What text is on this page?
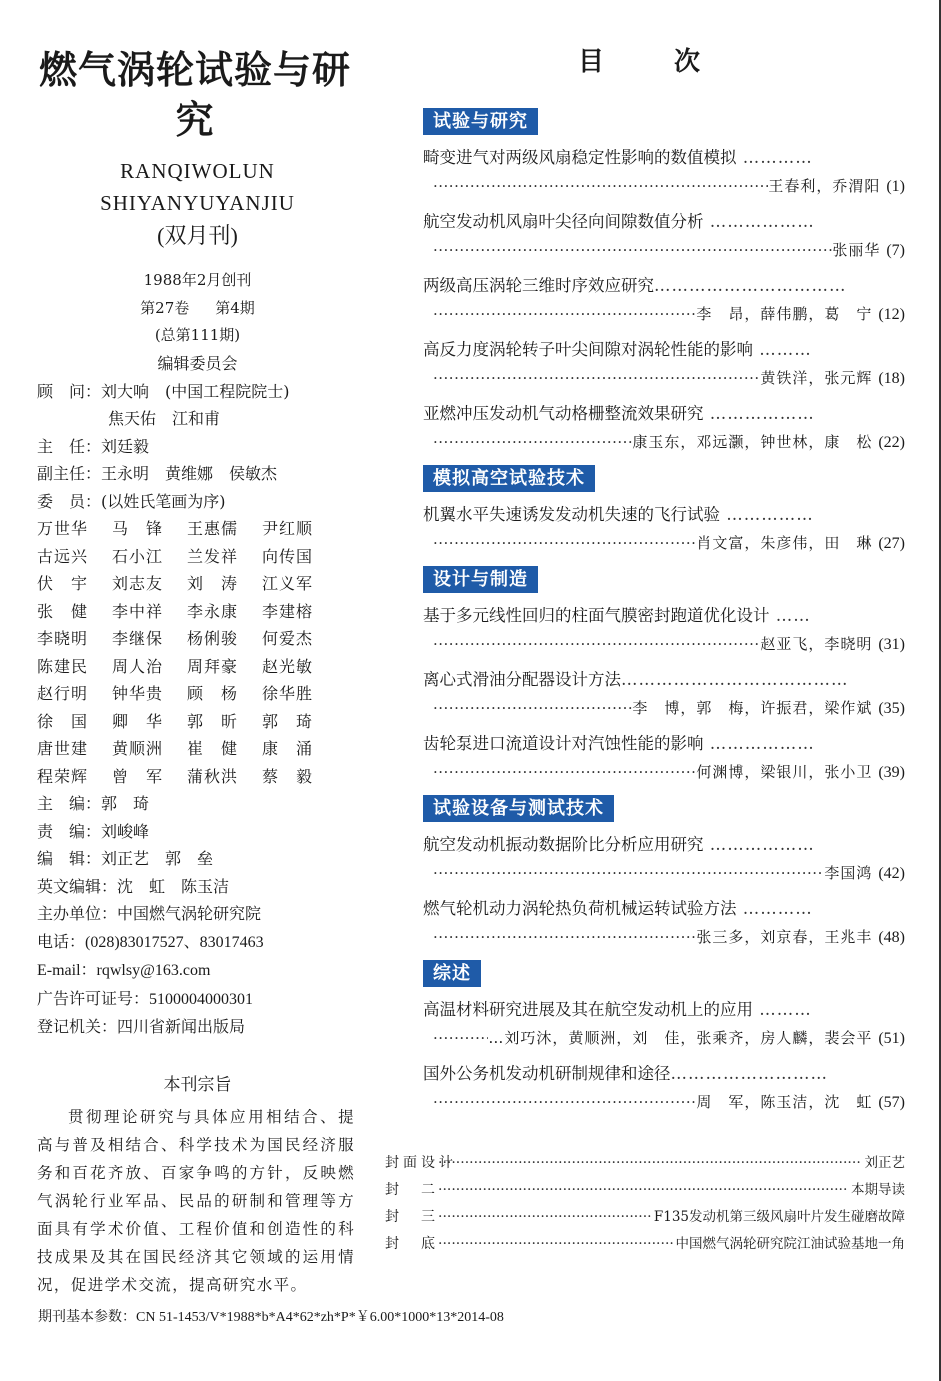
燃气涡轮试验与研究
RANQIWOLUN
SHIYANYUYANJIU
(双月刊)
1988年2月创刊
第27卷 第4期
(总第111期)
编辑委员会
顾　问：刘大响　(中国工程院院士)
焦天佑　江和甫
主　任：刘廷毅
副主任：王永明　黄维娜　侯敏杰
委　员：(以姓氏笔画为序)
万世华	马　锋	王惠儒	尹红顺
古远兴	石小江	兰发祥	向传国
伏　宇	刘志友	刘　涛	江义军
张　健	李中祥	李永康	李建榕
李晓明	李继保	杨俐骏	何爱杰
陈建民	周人治	周拜豪	赵光敏
赵行明	钟华贵	顾　杨	徐华胜
徐　国	卿　华	郭　昕	郭　琦
唐世建	黄顺洲	崔　健	康　涌
程荣辉	曾　军	蒲秋洪	蔡　毅
主　编：郭　琦
责　编：刘峻峰
编　辑：刘正艺　郭　垒
英文编辑：沈　虹　陈玉洁
主办单位：中国燃气涡轮研究院
电话：(028)83017527、83017463
E-mail：rqwlsy@163.com
广告许可证号：5100004000301
登记机关：四川省新闻出版局
本刊宗旨
贯彻理论研究与具体应用相结合、提高与普及相结合、科学技术为国民经济服务和百花齐放、百家争鸣的方针，反映燃气涡轮行业军品、民品的研制和管理等方面具有学术价值、工程价值和创造性的科技成果及其在国民经济其它领域的运用情况，促进学术交流，提高研究水平。
目　次
试验与研究
畸变进气对两级风扇稳定性影响的数值模拟 …………
·····
王春利，乔渭阳 (1)
航空发动机风扇叶尖径向间隙数值分析 ………………
·····
张丽华 (7)
两级高压涡轮三维时序效应研究……………………………
·····
李　昂，薛伟鹏，葛　宁 (12)
高反力度涡轮转子叶尖间隙对涡轮性能的影响 ………
·····
黄铁洋，张元辉 (18)
亚燃冲压发动机气动格栅整流效果研究 ………………
·····
康玉东，邓远灏，钟世林，康　松 (22)
模拟高空试验技术
机翼水平失速诱发发动机失速的飞行试验 ……………
·····
肖文富，朱彦伟，田　琳 (27)
设计与制造
基于多元线性回归的柱面气膜密封跑道优化设计 ……
·····
赵亚飞，李晓明 (31)
离心式滑油分配器设计方法…………………………………
·····
李　博，郭　梅，许振君，梁作斌 (35)
齿轮泵进口流道设计对汽蚀性能的影响 ………………
·····
何渊博，梁银川，张小卫 (39)
试验设备与测试技术
航空发动机振动数据阶比分析应用研究 ………………
·····
李国鸿 (42)
燃气轮机动力涡轮热负荷机械运转试验方法 …………
·····
张三多，刘京春，王兆丰 (48)
综述
高温材料研究进展及其在航空发动机上的应用 ………
·····
…刘巧沐，黄顺洲，刘　佳，张乘齐，房人麟，裴会平 (51)
国外公务机发动机研制规律和途径………………………
·····
周　军，陈玉洁，沈　虹 (57)
封面设计 ·····	刘正艺
封　二 ·····	本期导读
封　三 ·····	F135发动机第三级风扇叶片发生碰磨故障
封　底 ·····	中国燃气涡轮研究院江油试验基地一角
期刊基本参数：CN 51-1453/V*1988*b*A4*62*zh*P*￥6.00*1000*13*2014-08
